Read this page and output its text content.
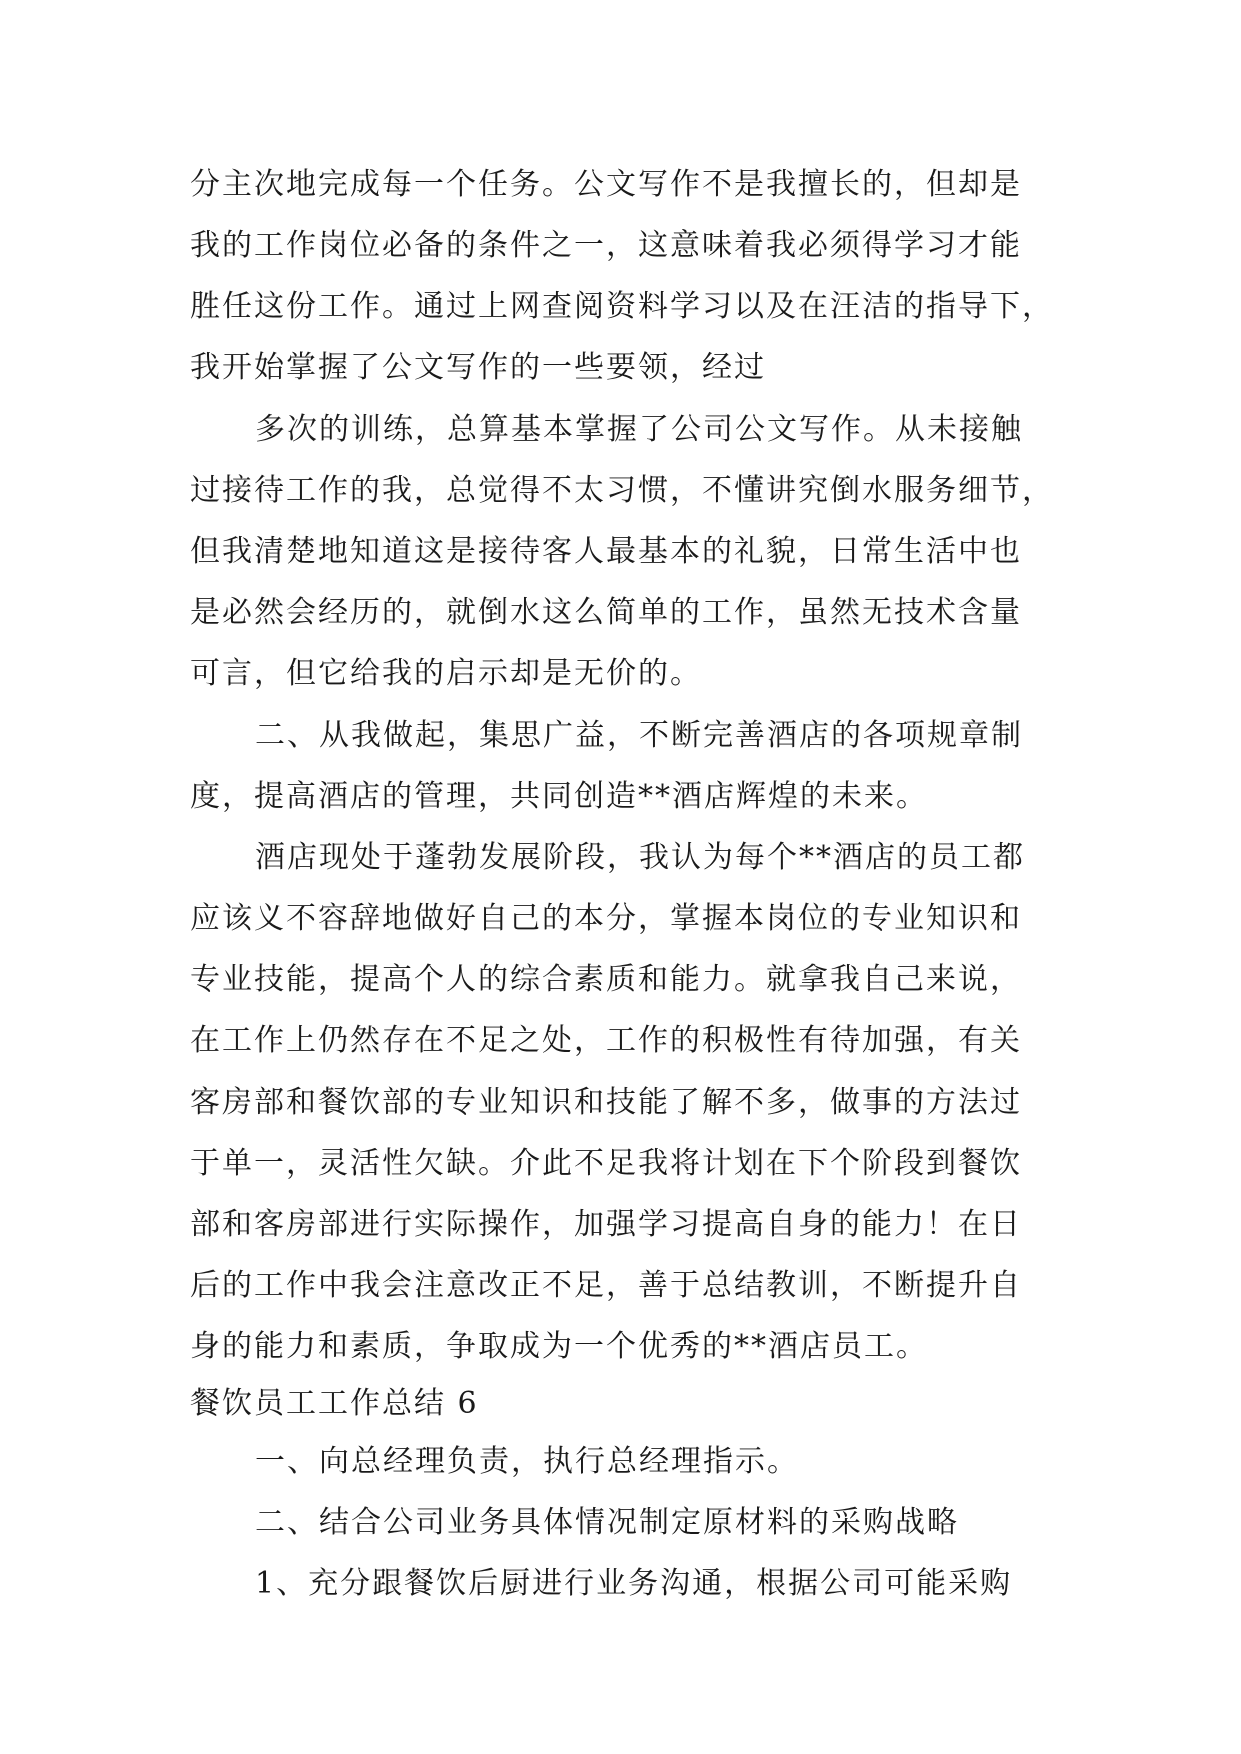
分主次地完成每一个任务。公文写作不是我擅长的，但却是

我的工作岗位必备的条件之一，这意味着我必须得学习才能

胜任这份工作。通过上网查阅资料学习以及在汪洁的指导下，

我开始掌握了公文写作的一些要领，经过

多次的训练，总算基本掌握了公司公文写作。从未接触

过接待工作的我，总觉得不太习惯，不懂讲究倒水服务细节，

但我清楚地知道这是接待客人最基本的礼貌，日常生活中也

是必然会经历的，就倒水这么简单的工作，虽然无技术含量

可言，但它给我的启示却是无价的。

二、从我做起，集思广益，不断完善酒店的各项规章制

度，提高酒店的管理，共同创造**酒店辉煌的未来。

酒店现处于蓬勃发展阶段，我认为每个**酒店的员工都

应该义不容辞地做好自己的本分，掌握本岗位的专业知识和

专业技能，提高个人的综合素质和能力。就拿我自己来说，

在工作上仍然存在不足之处，工作的积极性有待加强，有关

客房部和餐饮部的专业知识和技能了解不多，做事的方法过

于单一，灵活性欠缺。介此不足我将计划在下个阶段到餐饮

部和客房部进行实际操作，加强学习提高自身的能力！在日

后的工作中我会注意改正不足，善于总结教训，不断提升自

身的能力和素质，争取成为一个优秀的**酒店员工。

餐饮员工工作总结 6

一、向总经理负责，执行总经理指示。

二、结合公司业务具体情况制定原材料的采购战略

1、充分跟餐饮后厨进行业务沟通，根据公司可能采购
